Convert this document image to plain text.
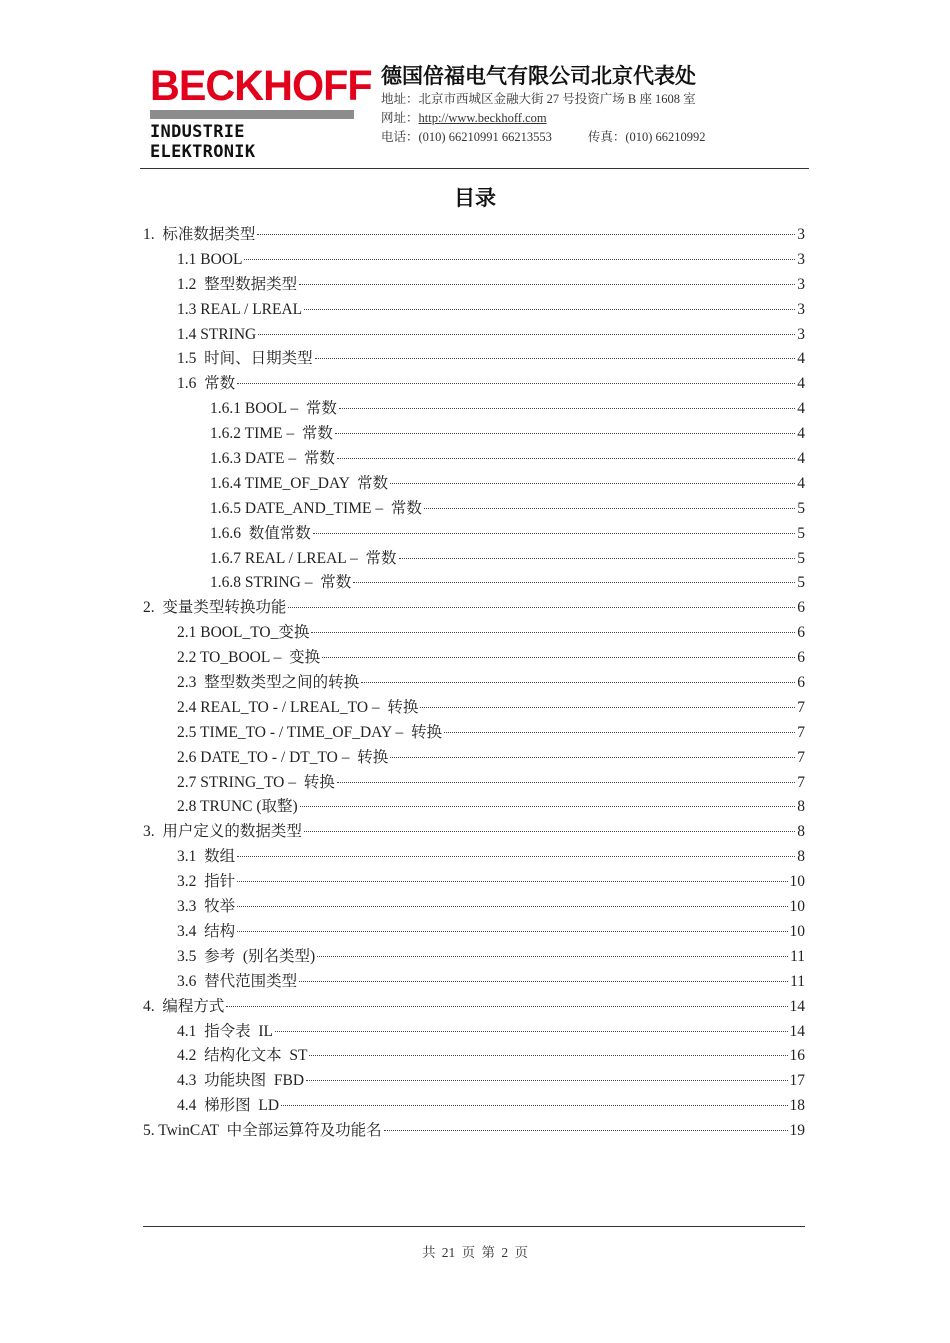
BECKHOFF
INDUSTRIE ELEKTRONIK
德国倍福电气有限公司北京代表处
地址：北京市西城区金融大街 27 号投资广场 B 座 1608 室
网址：http://www.beckhoff.com
电话：(010) 66210991 66213553	传真：(010) 66210992
目录
1.  标准数据类型	3
1.1 BOOL	3
1.2  整型数据类型	3
1.3 REAL / LREAL	3
1.4 STRING	3
1.5  时间、日期类型	4
1.6  常数	4
1.6.1 BOOL –  常数	4
1.6.2 TIME –  常数	4
1.6.3 DATE –  常数	4
1.6.4 TIME_OF_DAY  常数	4
1.6.5 DATE_AND_TIME –  常数	5
1.6.6  数值常数	5
1.6.7 REAL / LREAL –  常数	5
1.6.8 STRING –  常数	5
2.  变量类型转换功能	6
2.1 BOOL_TO_变换	6
2.2 TO_BOOL –  变换	6
2.3  整型数类型之间的转换	6
2.4 REAL_TO - / LREAL_TO –  转换	7
2.5 TIME_TO - / TIME_OF_DAY –  转换	7
2.6 DATE_TO - / DT_TO –  转换	7
2.7 STRING_TO –  转换	7
2.8 TRUNC (取整)	8
3.  用户定义的数据类型	8
3.1  数组	8
3.2  指针	10
3.3  牧举	10
3.4  结构	10
3.5  参考  (别名类型)	11
3.6  替代范围类型	11
4.  编程方式	14
4.1  指令表  IL	14
4.2  结构化文本  ST	16
4.3  功能块图  FBD	17
4.4  梯形图  LD	18
5. TwinCAT  中全部运算符及功能名	19
共 21 页 第 2 页
